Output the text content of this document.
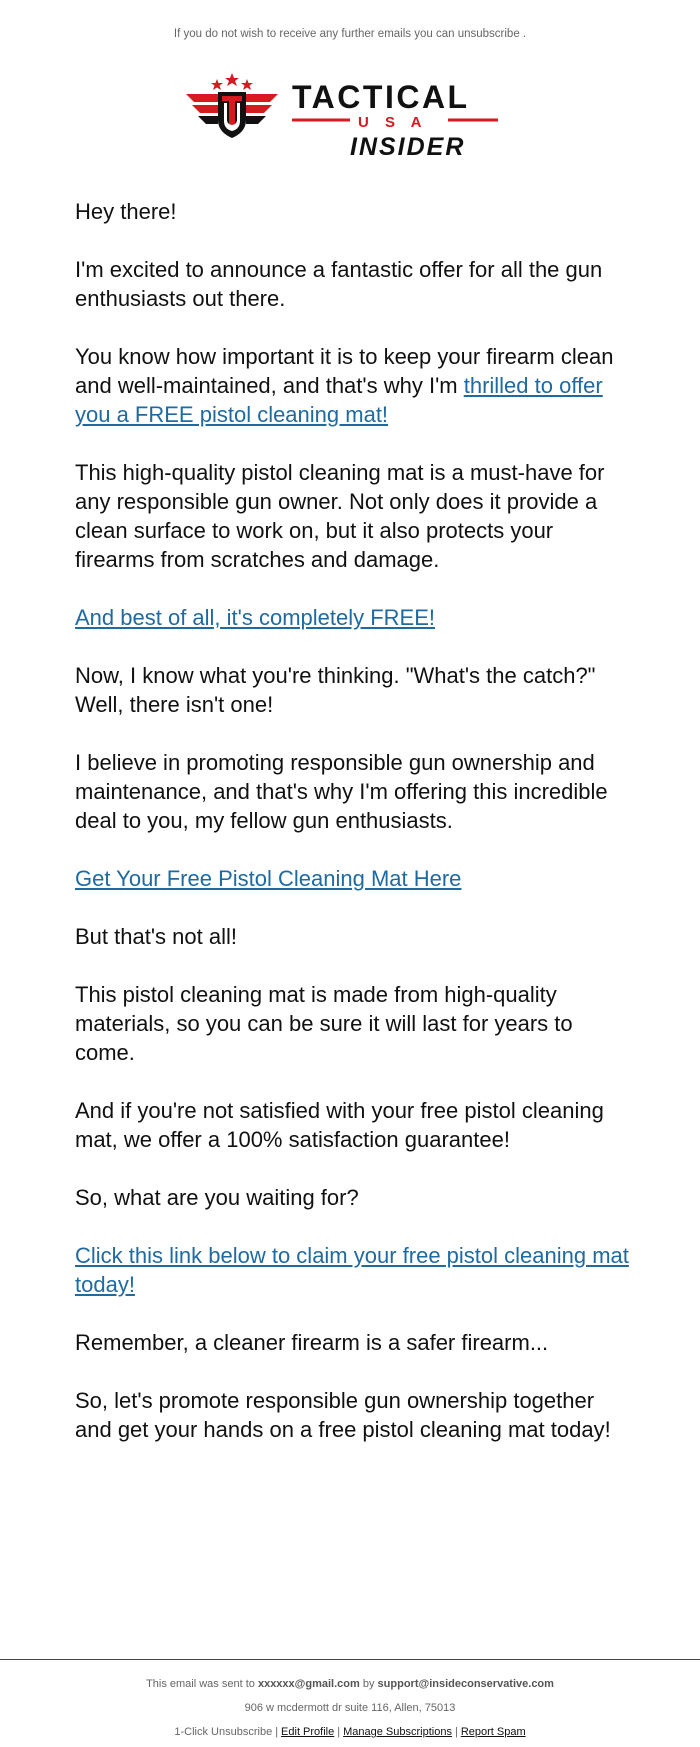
If you do not wish to receive any further emails you can unsubscribe .
TACTICAL
U S A
INSIDER

Hey there!

I'm excited to announce a fantastic offer for all the gun enthusiasts out there.

You know how important it is to keep your firearm clean and well-maintained, and that's why I'm thrilled to offer you a FREE pistol cleaning mat!

This high-quality pistol cleaning mat is a must-have for any responsible gun owner. Not only does it provide a clean surface to work on, but it also protects your firearms from scratches and damage.

And best of all, it's completely FREE!

Now, I know what you're thinking. "What's the catch?" Well, there isn't one!

I believe in promoting responsible gun ownership and maintenance, and that's why I'm offering this incredible deal to you, my fellow gun enthusiasts.

Get Your Free Pistol Cleaning Mat Here

But that's not all!

This pistol cleaning mat is made from high-quality materials, so you can be sure it will last for years to come.

And if you're not satisfied with your free pistol cleaning mat, we offer a 100% satisfaction guarantee!

So, what are you waiting for?

Click this link below to claim your free pistol cleaning mat today!

Remember, a cleaner firearm is a safer firearm...

So, let's promote responsible gun ownership together and get your hands on a free pistol cleaning mat today!

This email was sent to xxxxxx@gmail.com by support@insideconservative.com
906 w mcdermott dr suite 116, Allen, 75013
1-Click Unsubscribe | Edit Profile | Manage Subscriptions | Report Spam
